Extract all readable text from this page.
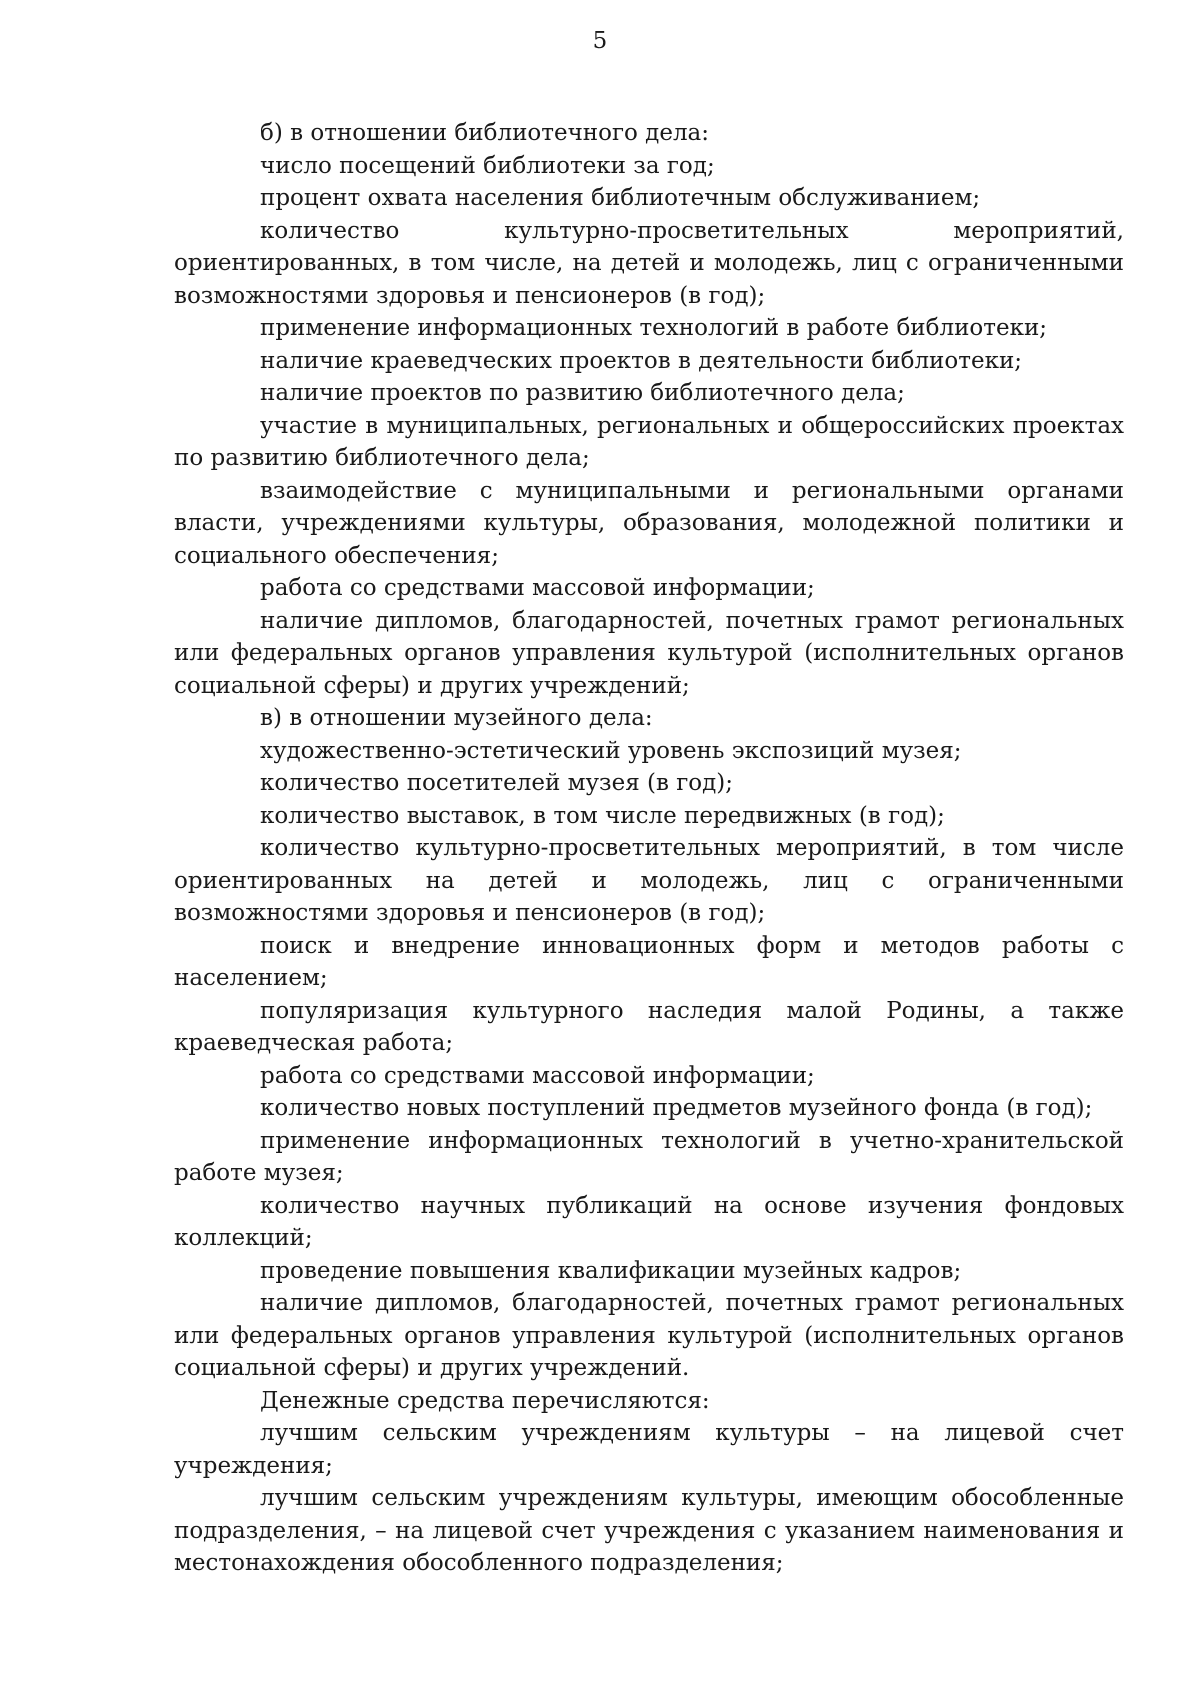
5

б) в отношении библиотечного дела:

число посещений библиотеки за год;

процент охвата населения библиотечным обслуживанием;

количество культурно-просветительных мероприятий, ориентированных, в том числе, на детей и молодежь, лиц с ограниченными возможностями здоровья и пенсионеров (в год);

применение информационных технологий в работе библиотеки;

наличие краеведческих проектов в деятельности библиотеки;

наличие проектов по развитию библиотечного дела;

участие в муниципальных, региональных и общероссийских проектах по развитию библиотечного дела;

взаимодействие с муниципальными и региональными органами власти, учреждениями культуры, образования, молодежной политики и социального обеспечения;

работа со средствами массовой информации;

наличие дипломов, благодарностей, почетных грамот региональных или федеральных органов управления культурой (исполнительных органов социальной сферы) и других учреждений;

в) в отношении музейного дела:

художественно-эстетический уровень экспозиций музея;

количество посетителей музея (в год);

количество выставок, в том числе передвижных (в год);

количество культурно-просветительных мероприятий, в том числе ориентированных на детей и молодежь, лиц с ограниченными возможностями здоровья и пенсионеров (в год);

поиск и внедрение инновационных форм и методов работы с населением;

популяризация культурного наследия малой Родины, а также краеведческая работа;

работа со средствами массовой информации;

количество новых поступлений предметов музейного фонда (в год);

применение информационных технологий в учетно-хранительской работе музея;

количество научных публикаций на основе изучения фондовых коллекций;

проведение повышения квалификации музейных кадров;

наличие дипломов, благодарностей, почетных грамот региональных или федеральных органов управления культурой (исполнительных органов социальной сферы) и других учреждений.

Денежные средства перечисляются:

лучшим сельским учреждениям культуры – на лицевой счет учреждения;

лучшим сельским учреждениям культуры, имеющим обособленные подразделения, – на лицевой счет учреждения с указанием наименования и местонахождения обособленного подразделения;
